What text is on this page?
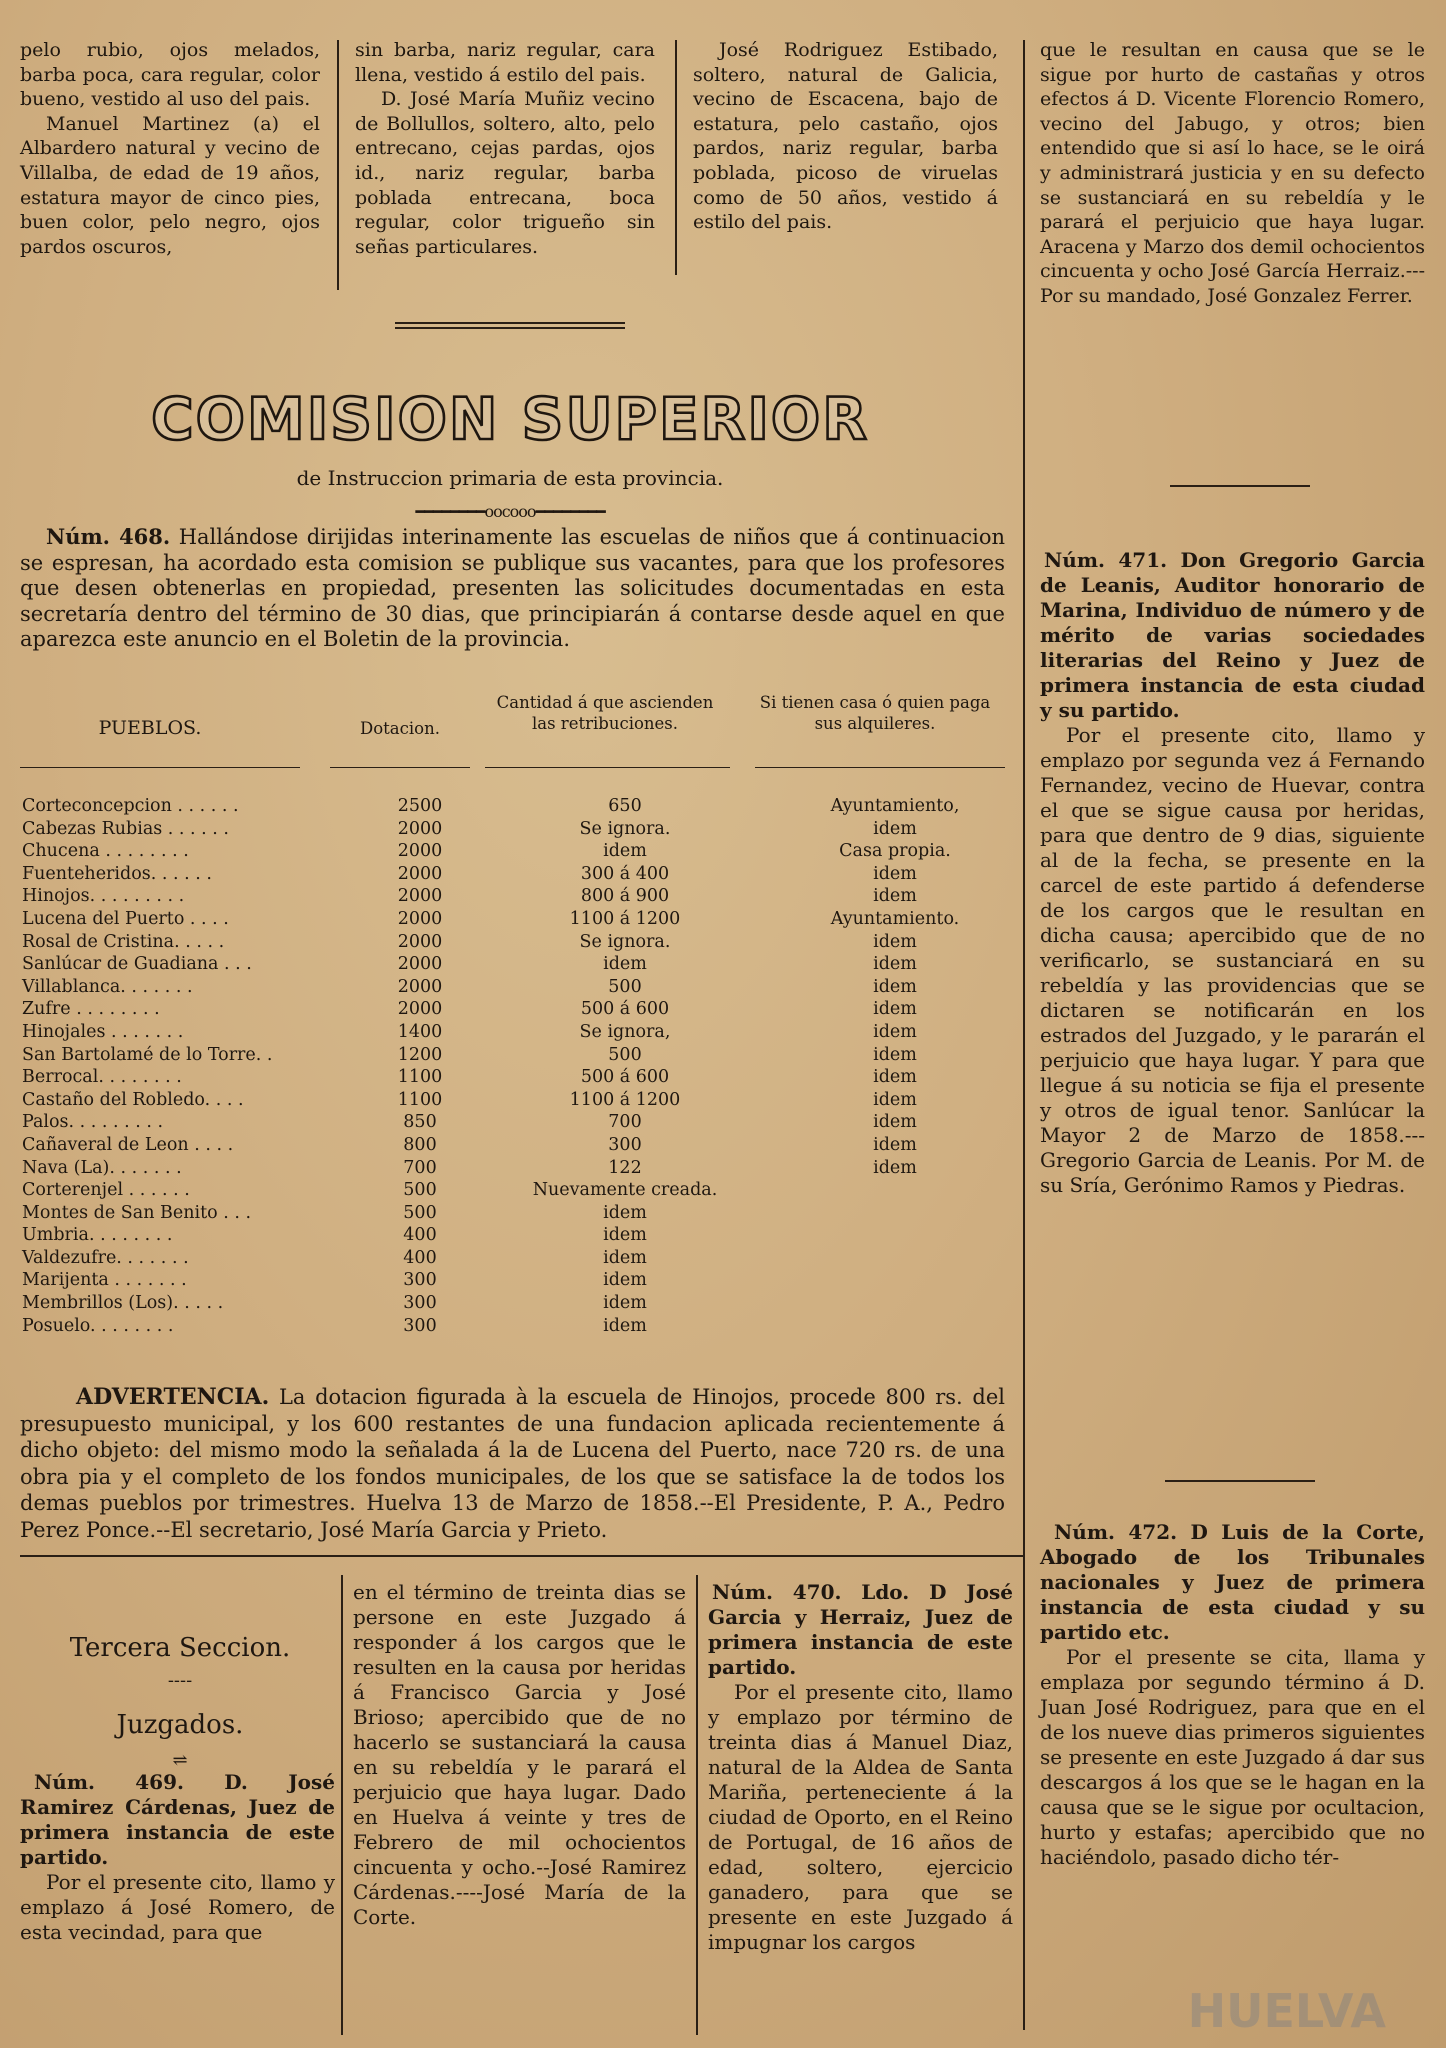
pelo rubio, ojos melados, barba poca, cara regular, color bueno, vestido al uso del pais.

Manuel Martinez (a) el Albardero natural y vecino de Villalba, de edad de 19 años, estatura mayor de cinco pies, buen color, pelo negro, ojos pardos oscuros,

sin barba, nariz regular, cara llena, vestido á estilo del pais.

D. José María Muñiz vecino de Bollullos, soltero, alto, pelo entrecano, cejas pardas, ojos id., nariz regular, barba poblada entrecana, boca regular, color trigueño sin señas particulares.

José Rodriguez Estibado, soltero, natural de Galicia, vecino de Escacena, bajo de estatura, pelo castaño, ojos pardos, nariz regular, barba poblada, picoso de viruelas como de 50 años, vestido á estilo del pais.

que le resultan en causa que se le sigue por hurto de castañas y otros efectos á D. Vicente Florencio Romero, vecino del Jabugo, y otros; bien entendido que si así lo hace, se le oirá y administrará justicia y en su defecto se sustanciará en su rebeldía y le parará el perjuicio que haya lugar. Aracena y Marzo dos demil ochocientos cincuenta y ocho José García Herraiz.---Por su mandado, José Gonzalez Ferrer.

COMISION SUPERIOR
de Instruccion primaria de esta provincia.
━━━━━━━━oocooo━━━━━━━━
Núm. 468. Hallándose dirijidas interinamente las escuelas de niños que á continuacion se espresan, ha acordado esta comision se publique sus vacantes, para que los profesores que desen obtenerlas en propiedad, presenten las solicitudes documentadas en esta secretaría dentro del término de 30 dias, que principiarán á contarse desde aquel en que aparezca este anuncio en el Boletin de la provincia.
PUEBLOS.	Dotacion.
Cantidad á que ascienden las retribuciones.
Si tienen casa ó quien paga sus alquileres.
Corteconcepcion . . . . . .	2500	650	Ayuntamiento,
Cabezas Rubias . . . . . .	2000	Se ignora.	idem
Chucena . . . . . . . .	2000	idem	Casa propia.
Fuenteheridos. . . . . .	2000	300 á 400	idem
Hinojos. . . . . . . . .	2000	800 á 900	idem
Lucena del Puerto . . . .	2000	1100 á 1200	Ayuntamiento.
Rosal de Cristina. . . . .	2000	Se ignora.	idem
Sanlúcar de Guadiana . . .	2000	idem	idem
Villablanca. . . . . . .	2000	500	idem
Zufre . . . . . . . .	2000	500 á 600	idem
Hinojales . . . . . . .	1400	Se ignora,	idem
San Bartolamé de lo Torre. .	1200	500	idem
Berrocal. . . . . . . .	1100	500 á 600	idem
Castaño del Robledo. . . .	1100	1100 á 1200	idem
Palos. . . . . . . . .	850	700	idem
Cañaveral de Leon . . . .	800	300	idem
Nava (La). . . . . . .	700	122	idem
Corterenjel . . . . . .	500	Nuevamente creada.
Montes de San Benito . . .	500	idem
Umbria. . . . . . . .	400	idem
Valdezufre. . . . . . .	400	idem
Marijenta . . . . . . .	300	idem
Membrillos (Los). . . . .	300	idem
Posuelo. . . . . . . .	300	idem
ADVERTENCIA. La dotacion figurada à la escuela de Hinojos, procede 800 rs. del presupuesto municipal, y los 600 restantes de una fundacion aplicada recientemente á dicho objeto: del mismo modo la señalada á la de Lucena del Puerto, nace 720 rs. de una obra pia y el completo de los fondos municipales, de los que se satisface la de todos los demas pueblos por trimestres. Huelva 13 de Marzo de 1858.--El Presidente, P. A., Pedro Perez Ponce.--El secretario, José María Garcia y Prieto.

Núm. 471. Don Gregorio Garcia de Leanis, Auditor honorario de Marina, Individuo de número y de mérito de varias sociedades literarias del Reino y Juez de primera instancia de esta ciudad y su partido.

Por el presente cito, llamo y emplazo por segunda vez á Fernando Fernandez, vecino de Huevar, contra el que se sigue causa por heridas, para que dentro de 9 dias, siguiente al de la fecha, se presente en la carcel de este partido á defenderse de los cargos que le resultan en dicha causa; apercibido que de no verificarlo, se sustanciará en su rebeldía y las providencias que se dictaren se notificarán en los estrados del Juzgado, y le pararán el perjuicio que haya lugar. Y para que llegue á su noticia se fija el presente y otros de igual tenor. Sanlúcar la Mayor 2 de Marzo de 1858.---Gregorio Garcia de Leanis. Por M. de su Sría, Gerónimo Ramos y Piedras.

Núm. 472. D Luis de la Corte, Abogado de los Tribunales nacionales y Juez de primera instancia de esta ciudad y su partido etc.

Por el presente se cita, llama y emplaza por segundo término á D. Juan José Rodriguez, para que en el de los nueve dias primeros siguientes se presente en este Juzgado á dar sus descargos á los que se le hagan en la causa que se le sigue por ocultacion, hurto y estafas; apercibido que no haciéndolo, pasado dicho tér-

Tercera Seccion.
----
Juzgados.
⇌

Núm. 469. D. José Ramirez Cárdenas, Juez de primera instancia de este partido.

Por el presente cito, llamo y emplazo á José Romero, de esta vecindad, para que

en el término de treinta dias se persone en este Juzgado á responder á los cargos que le resulten en la causa por heridas á Francisco Garcia y José Brioso; apercibido que de no hacerlo se sustanciará la causa en su rebeldía y le parará el perjuicio que haya lugar. Dado en Huelva á veinte y tres de Febrero de mil ochocientos cincuenta y ocho.--José Ramirez Cárdenas.----José María de la Corte.

Núm. 470. Ldo. D José Garcia y Herraiz, Juez de primera instancia de este partido.

Por el presente cito, llamo y emplazo por término de treinta dias á Manuel Diaz, natural de la Aldea de Santa Mariña, perteneciente á la ciudad de Oporto, en el Reino de Portugal, de 16 años de edad, soltero, ejercicio ganadero, para que se presente en este Juzgado á impugnar los cargos

HUELVA
